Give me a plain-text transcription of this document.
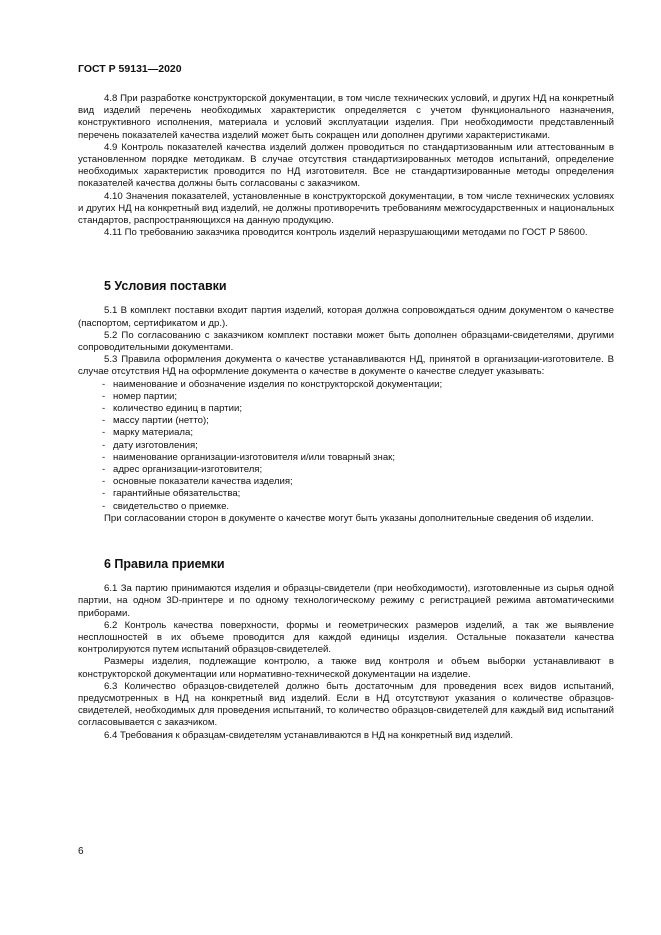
ГОСТ Р 59131—2020

4.8 При разработке конструкторской документации, в том числе технических условий, и других НД на конкретный вид изделий перечень необходимых характеристик определяется с учетом функционального назначения, конструктивного исполнения, материала и условий эксплуатации изделия. При необходимости представленный перечень показателей качества изделий может быть сокращен или дополнен другими характеристиками.

4.9 Контроль показателей качества изделий должен проводиться по стандартизованным или аттестованным в установленном порядке методикам. В случае отсутствия стандартизированных методов испытаний, определение необходимых характеристик проводится по НД изготовителя. Все не стандартизированные методы определения показателей качества должны быть согласованы с заказчиком.

4.10 Значения показателей, установленные в конструкторской документации, в том числе технических условиях и других НД на конкретный вид изделий, не должны противоречить требованиям межгосударственных и национальных стандартов, распространяющихся на данную продукцию.

4.11 По требованию заказчика проводится контроль изделий неразрушающими методами по ГОСТ Р 58600.

5 Условия поставки

5.1 В комплект поставки входит партия изделий, которая должна сопровождаться одним документом о качестве (паспортом, сертификатом и др.).

5.2 По согласованию с заказчиком комплект поставки может быть дополнен образцами-свидетелями, другими сопроводительными документами.

5.3 Правила оформления документа о качестве устанавливаются НД, принятой в организации-изготовителе. В случае отсутствия НД на оформление документа о качестве в документе о качестве следует указывать:

- наименование и обозначение изделия по конструкторской документации;
- номер партии;
- количество единиц в партии;
- массу партии (нетто);
- марку материала;
- дату изготовления;
- наименование организации-изготовителя и/или товарный знак;
- адрес организации-изготовителя;
- основные показатели качества изделия;
- гарантийные обязательства;
- свидетельство о приемке.

При согласовании сторон в документе о качестве могут быть указаны дополнительные сведения об изделии.

6 Правила приемки

6.1 За партию принимаются изделия и образцы-свидетели (при необходимости), изготовленные из сырья одной партии, на одном 3D-принтере и по одному технологическому режиму с регистрацией режима автоматическими приборами.

6.2 Контроль качества поверхности, формы и геометрических размеров изделий, а так же выявление несплошностей в их объеме проводится для каждой единицы изделия. Остальные показатели качества контролируются путем испытаний образцов-свидетелей.

Размеры изделия, подлежащие контролю, а также вид контроля и объем выборки устанавливают в конструкторской документации или нормативно-технической документации на изделие.

6.3 Количество образцов-свидетелей должно быть достаточным для проведения всех видов испытаний, предусмотренных в НД на конкретный вид изделий. Если в НД отсутствуют указания о количестве образцов-свидетелей, необходимых для проведения испытаний, то количество образцов-свидетелей для каждый вид испытаний согласовывается с заказчиком.

6.4 Требования к образцам-свидетелям устанавливаются в НД на конкретный вид изделий.

6
